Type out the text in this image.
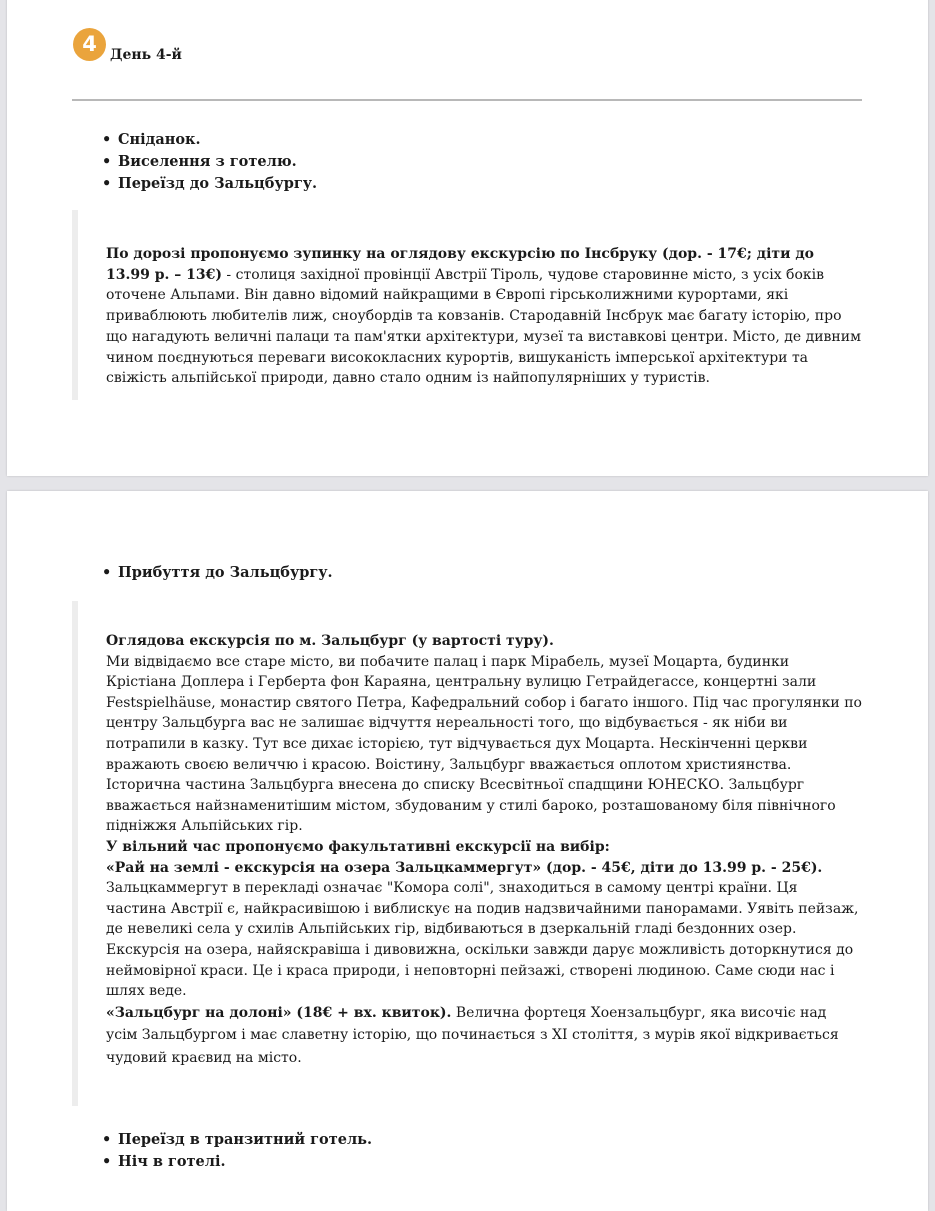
4 День 4-й
• Сніданок.
• Виселення з готелю.
• Переїзд до Зальцбургу.

По дорозі пропонуємо зупинку на оглядову екскурсію по Інсбруку (дор. - 17€; діти до 13.99 р. – 13€) - столиця західної провінції Австрії Тіроль, чудове старовинне місто, з усіх боків оточене Альпами. Він давно відомий найкращими в Європі гірськолижними курортами, які приваблюють любителів лиж, сноубордів та ковзанів. Стародавній Інсбрук має багату історію, про що нагадують величні палаци та пам'ятки архітектури, музеї та виставкові центри. Місто, де дивним чином поєднуються переваги висококласних курортів, вишуканість імперської архітектури та свіжість альпійської природи, давно стало одним із найпопулярніших у туристів.

• Прибуття до Зальцбургу.

Оглядова екскурсія по м. Зальцбург (у вартості туру).

Ми відвідаємо все старе місто, ви побачите палац і парк Мірабель, музеї Моцарта, будинки Крістіана Доплера і Герберта фон Караяна, центральну вулицю Гетрайдегассе, концертні зали Festspielhäuse, монастир святого Петра, Кафедральний собор і багато іншого. Під час прогулянки по центру Зальцбурга вас не залишає відчуття нереальності того, що відбувається - як ніби ви потрапили в казку. Тут все дихає історією, тут відчувається дух Моцарта. Нескінченні церкви вражають своєю величчю і красою. Воістину, Зальцбург вважається оплотом християнства. Історична частина Зальцбурга внесена до списку Всесвітньої спадщини ЮНЕСКО. Зальцбург вважається найзнаменитішим містом, збудованим у стилі бароко, розташованому біля північного підніжжя Альпійських гір.

У вільний час пропонуємо факультативні екскурсії на вибір:

«Рай на землі - екскурсія на озера Зальцкаммергут» (дор. - 45€, діти до 13.99 р. - 25€). Зальцкаммергут в перекладі означає "Комора солі", знаходиться в самому центрі країни. Ця частина Австрії є, найкрасивішою і виблискує на подив надзвичайними панорамами. Уявіть пейзаж, де невеликі села у схилів Альпійських гір, відбиваються в дзеркальній гладі бездонних озер. Екскурсія на озера, найяскравіша і дивовижна, оскільки завжди дарує можливість доторкнутися до неймовірної краси. Це і краса природи, і неповторні пейзажі, створені людиною. Саме сюди нас і шлях веде.

«Зальцбург на долоні» (18€ + вх. квиток). Величнa фортеця Хоензальцбург, яка височіє над усім Зальцбургом і має славетну історію, що починається з XI століття, з мурів якої відкривається чудовий краєвид на місто.

• Переїзд в транзитний готель.
• Ніч в готелі.
